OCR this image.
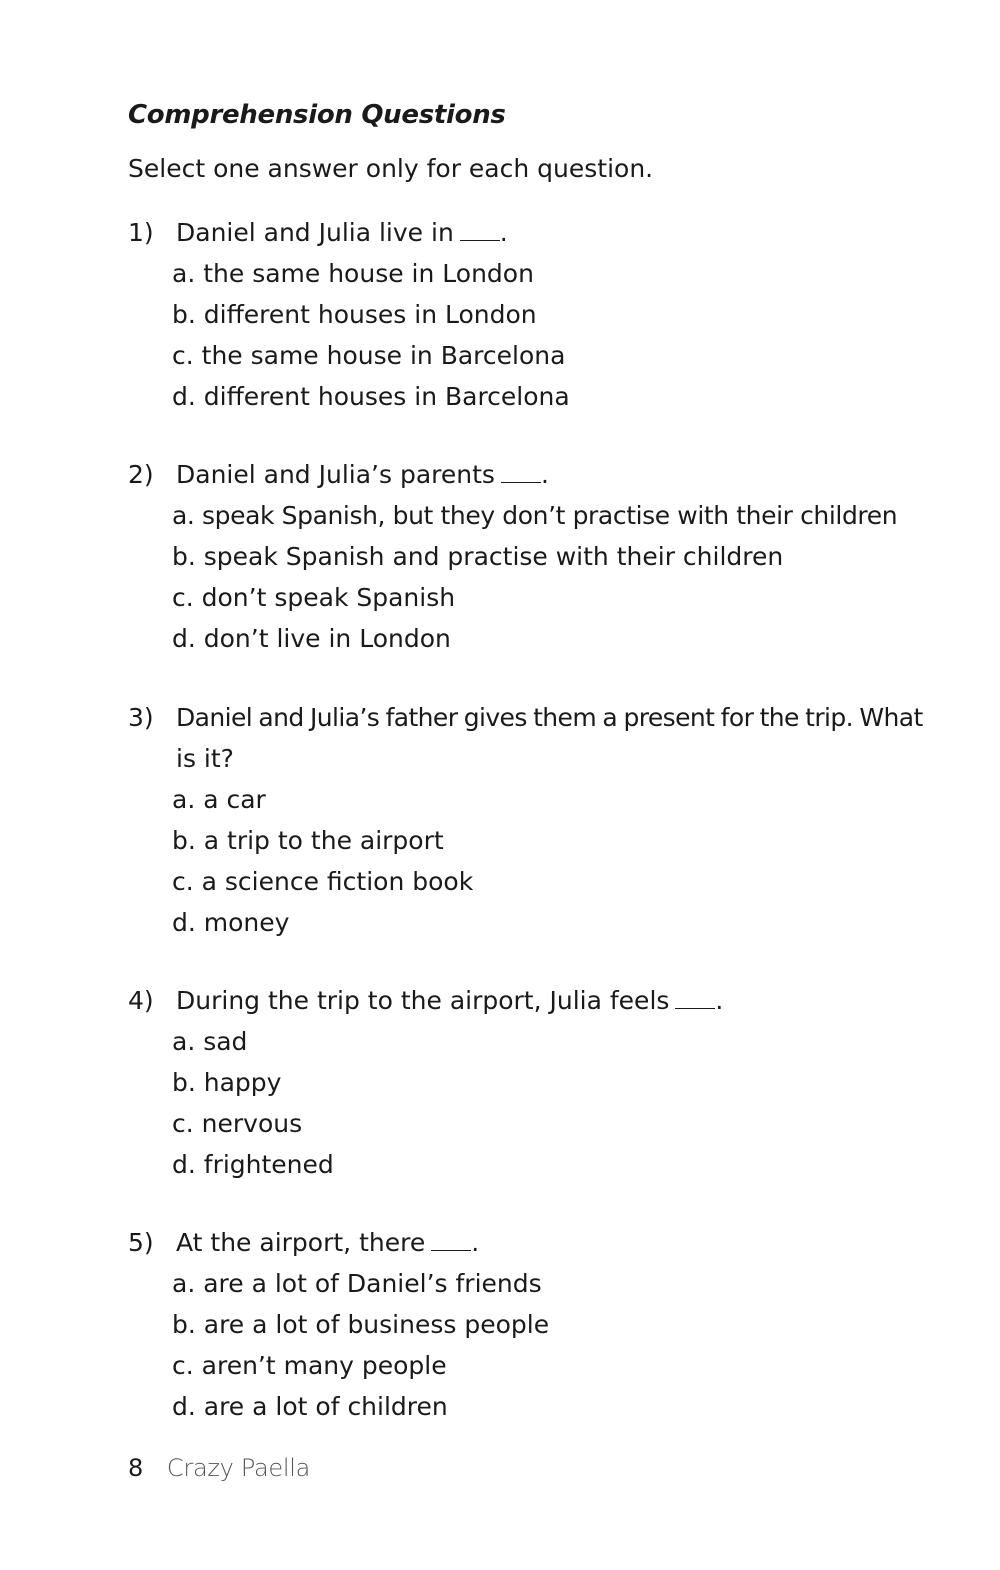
Comprehension Questions
Select one answer only for each question.
1) Daniel and Julia live in .
a. the same house in London
b. different houses in London
c. the same house in Barcelona
d. different houses in Barcelona
2) Daniel and Julia’s parents .
a. speak Spanish, but they don’t practise with their children
b. speak Spanish and practise with their children
c. don’t speak Spanish
d. don’t live in London
3) Daniel and Julia’s father gives them a present for the trip. What
is it?
a. a car
b. a trip to the airport
c. a science fiction book
d. money
4) During the trip to the airport, Julia feels .
a. sad
b. happy
c. nervous
d. frightened
5) At the airport, there .
a. are a lot of Daniel’s friends
b. are a lot of business people
c. aren’t many people
d. are a lot of children
8 Crazy Paella
